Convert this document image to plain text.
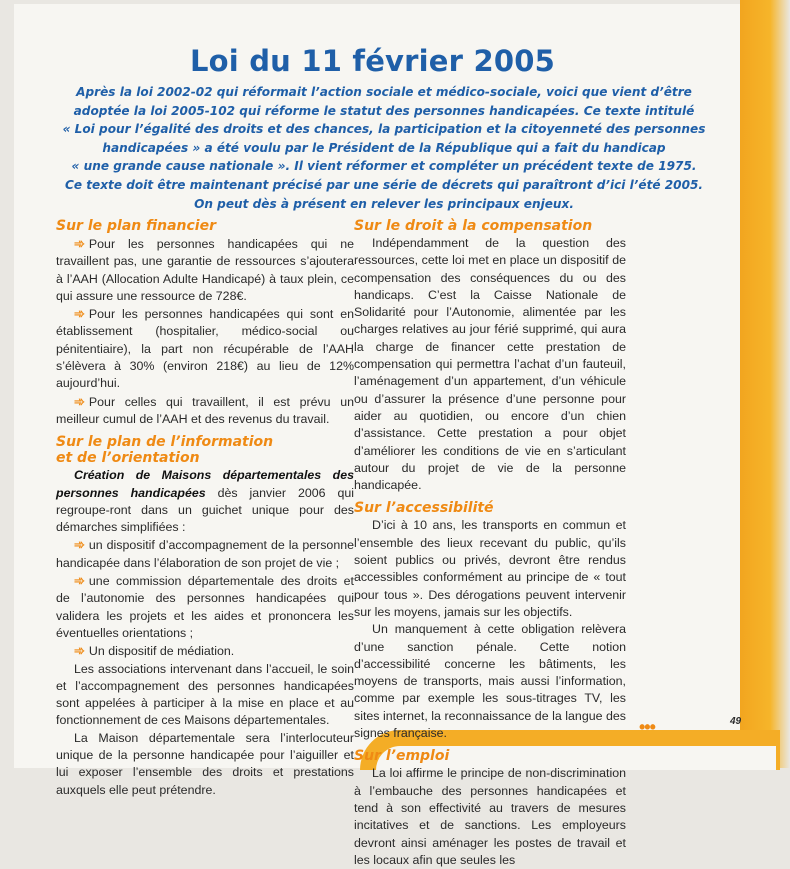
Loi du 11 février 2005
Après la loi 2002-02 qui réformait l’action sociale et médico-sociale, voici que vient d’être
adoptée la loi 2005-102 qui réforme le statut des personnes handicapées. Ce texte intitulé
« Loi pour l’égalité des droits et des chances, la participation et la citoyenneté des personnes
handicapées » a été voulu par le Président de la République qui a fait du handicap
« une grande cause nationale ». Il vient réformer et compléter un précédent texte de 1975.
Ce texte doit être maintenant précisé par une série de décrets qui paraîtront d’ici l’été 2005.
On peut dès à présent en relever les principaux enjeux.
Sur le plan financier

➾ Pour les personnes handicapées qui ne travaillent pas, une garantie de ressources s’ajoutera à l’AAH (Allocation Adulte Handicapé) à taux plein, ce qui assure une ressource de 728€.

➾ Pour les personnes handicapées qui sont en établissement (hospitalier, médico-social ou pénitentiaire), la part non récupérable de l’AAH s’élèvera à 30% (environ 218€) au lieu de 12% aujourd’hui.

➾ Pour celles qui travaillent, il est prévu un meilleur cumul de l’AAH et des revenus du travail.

Sur le plan de l’information
et de l’orientation

Création de Maisons départementales des personnes handicapées dès janvier 2006 qui regroupe-ront dans un guichet unique pour des démarches simplifiées :

➾ un dispositif d’accompagnement de la personne handicapée dans l’élaboration de son projet de vie ;

➾ une commission départementale des droits et de l’autonomie des personnes handicapées qui validera les projets et les aides et prononcera les éventuelles orientations ;

➾ Un dispositif de médiation.

Les associations intervenant dans l’accueil, le soin et l’accompagnement des personnes handicapées sont appelées à participer à la mise en place et au fonctionnement de ces Maisons départementales.

La Maison départementale sera l’interlocuteur unique de la personne handicapée pour l’aiguiller et lui exposer l’ensemble des droits et prestations auxquels elle peut prétendre.

Sur le droit à la compensation

Indépendamment de la question des ressources, cette loi met en place un dispositif de compensation des conséquences du ou des handicaps. C’est la Caisse Nationale de Solidarité pour l’Autonomie, alimentée par les charges relatives au jour férié supprimé, qui aura la charge de financer cette prestation de compensation qui permettra l’achat d’un fauteuil, l’aménagement d’un appartement, d’un véhicule ou d’assurer la présence d’une personne pour aider au quotidien, ou encore d’un chien d’assistance. Cette prestation a pour objet d’améliorer les conditions de vie en s’articulant autour du projet de vie de la personne handicapée.

Sur l’accessibilité

D’ici à 10 ans, les transports en commun et l’ensemble des lieux recevant du public, qu’ils soient publics ou privés, devront être rendus accessibles conformément au principe de « tout pour tous ». Des dérogations peuvent intervenir sur les moyens, jamais sur les objectifs.

Un manquement à cette obligation relèvera d’une sanction pénale. Cette notion d’accessibilité concerne les bâtiments, les moyens de transports, mais aussi l’information, comme par exemple les sous-titrages TV, les sites internet, la reconnaissance de la langue des signes française.

Sur l’emploi

La loi affirme le principe de non-discrimination à l’embauche des personnes handicapées et tend à son effectivité au travers de mesures incitatives et de sanctions. Les employeurs devront ainsi aménager les postes de travail et les locaux afin que seules les

•••	49
